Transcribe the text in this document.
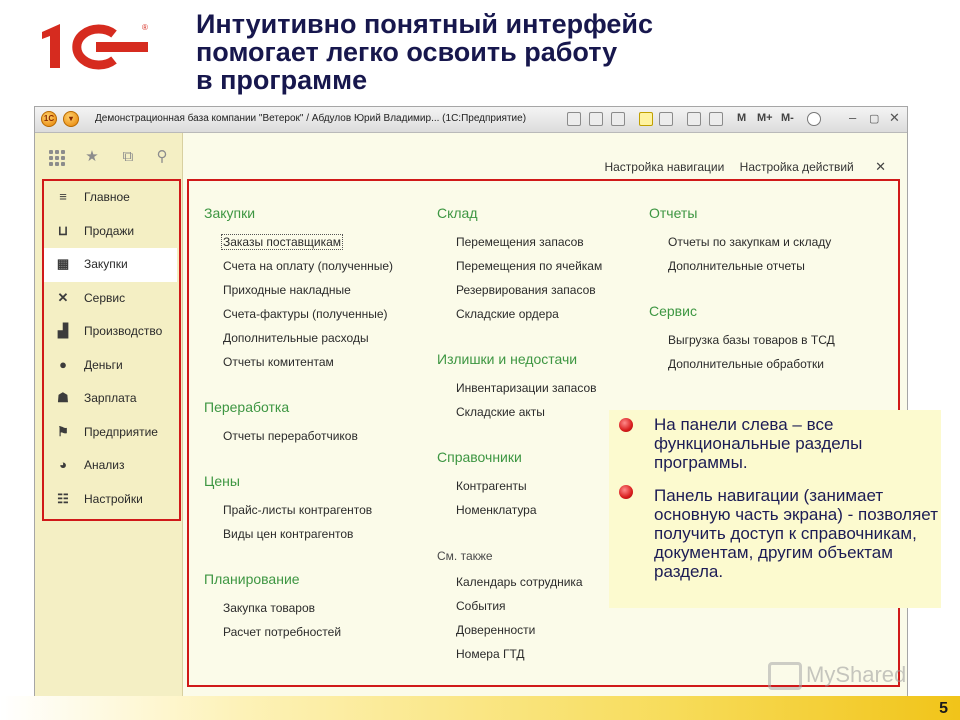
® Интуитивно понятный интерфейс
помогает легко освоить работу
в программе
1С	▾	Демонстрационная база компании "Ветерок" / Абдулов Юрий Владимир... (1С:Предприятие)	M M+ M-	– ▢ ✕
★ ⧉ ⚲
≡	Главное
⊔ Продажи
▦ Закупки
✕ Сервис
▟ Производство
●	Деньги
☗ Зарплата
⚑ Предприятие
◕	Анализ
☷ Настройки
Настройка навигации Настройка действий ✕
Закупки
Заказы поставщикам
Счета на оплату (полученные)
Приходные накладные
Счета-фактуры (полученные)
Дополнительные расходы
Отчеты комитентам
Переработка
Отчеты переработчиков
Цены
Прайс-листы контрагентов
Виды цен контрагентов
Планирование
Закупка товаров
Расчет потребностей
Склад
Перемещения запасов
Перемещения по ячейкам
Резервирования запасов
Складские ордера
Излишки и недостачи
Инвентаризации запасов
Складские акты
Справочники
Контрагенты
Номенклатура
См. также
Календарь сотрудника
События
Доверенности
Номера ГТД
Отчеты
Отчеты по закупкам и складу
Дополнительные отчеты
Сервис
Выгрузка базы товаров в ТСД
Дополнительные обработки
На панели слева – все функциональные разделы программы.
Панель навигации (занимает основную часть экрана) - позволяет получить доступ к справочникам, документам, другим объектам раздела.
MyShared
5
